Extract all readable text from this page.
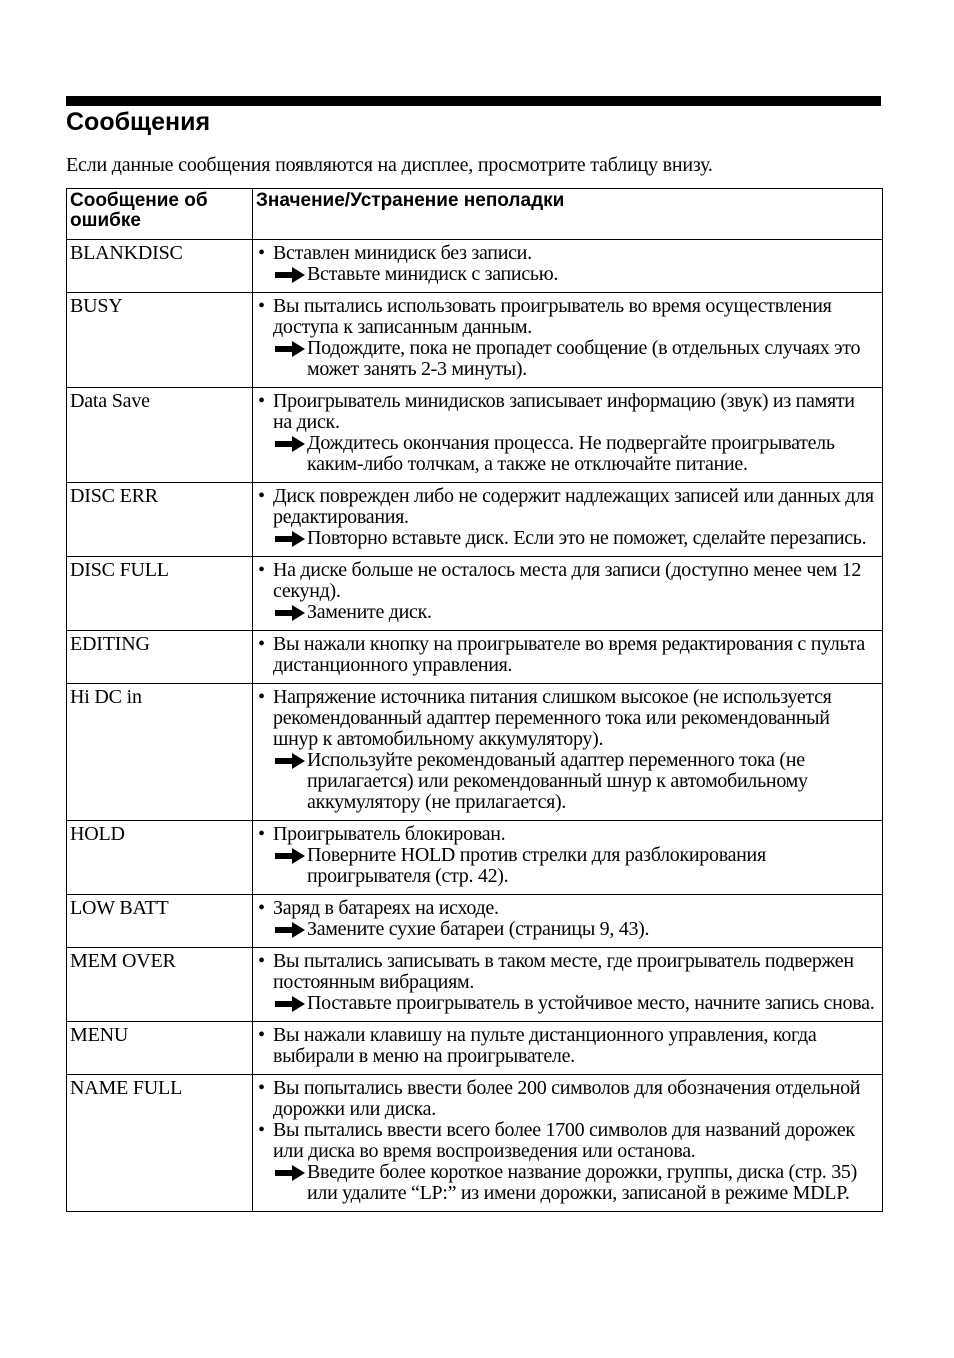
Сообщения
Если данные сообщения появляются на дисплее, просмотрите таблицу внизу.
Сообщение об ошибке	Значение/Устранение неполадки
BLANKDISC	• Вставлен минидиск без записи.
Вставьте минидиск с записью.

BUSY	• Вы пытались использовать проигрыватель во время осуществления доступа к записанным данным.
Подождите, пока не пропадет сообщение (в отдельных случаях это может занять 2-3 минуты).

Data Save	• Проигрыватель минидисков записывает информацию (звук) из памяти на диск.
Дождитесь окончания процесса. Не подвергайте проигрыватель каким-либо толчкам, а также не отключайте питание.

DISC ERR	• Диск поврежден либо не содержит надлежащих записей или данных для редактирования.
Повторно вставьте диск. Если это не поможет, сделайте перезапись.

DISC FULL	• На диске больше не осталось места для записи (доступно менее чем 12 секунд).
Замените диск.

EDITING	• Вы нажали кнопку на проигрывателе во время редактирования с пульта дистанционного управления.

Hi DC in	• Напряжение источника питания слишком высокое (не используется рекомендованный адаптер переменного тока или рекомендованный шнур к автомобильному аккумулятору).
Используйте рекомендованый адаптер переменного тока (не прилагается) или рекомендованный шнур к автомобильному аккумулятору (не прилагается).

HOLD	• Проигрыватель блокирован.
Поверните HOLD против стрелки для разблокирования проигрывателя (стр. 42).

LOW BATT	• Заряд в батареях на исходе.
Замените сухие батареи (страницы 9, 43).

MEM OVER	• Вы пытались записывать в таком месте, где проигрыватель подвержен постоянным вибрациям.
Поставьте проигрыватель в устойчивое место, начните запись снова.

MENU	• Вы нажали клавишу на пульте дистанционного управления, когда выбирали в меню на проигрывателе.

NAME FULL	• Вы попытались ввести более 200 символов для обозначения отдельной дорожки или диска.
• Вы пытались ввести всего более 1700 символов для названий дорожек или диска во время воспроизведения или останова.
Введите более короткое название дорожки, группы, диска (стр. 35) или удалите “LP:” из имени дорожки, записаной в режиме MDLP.
